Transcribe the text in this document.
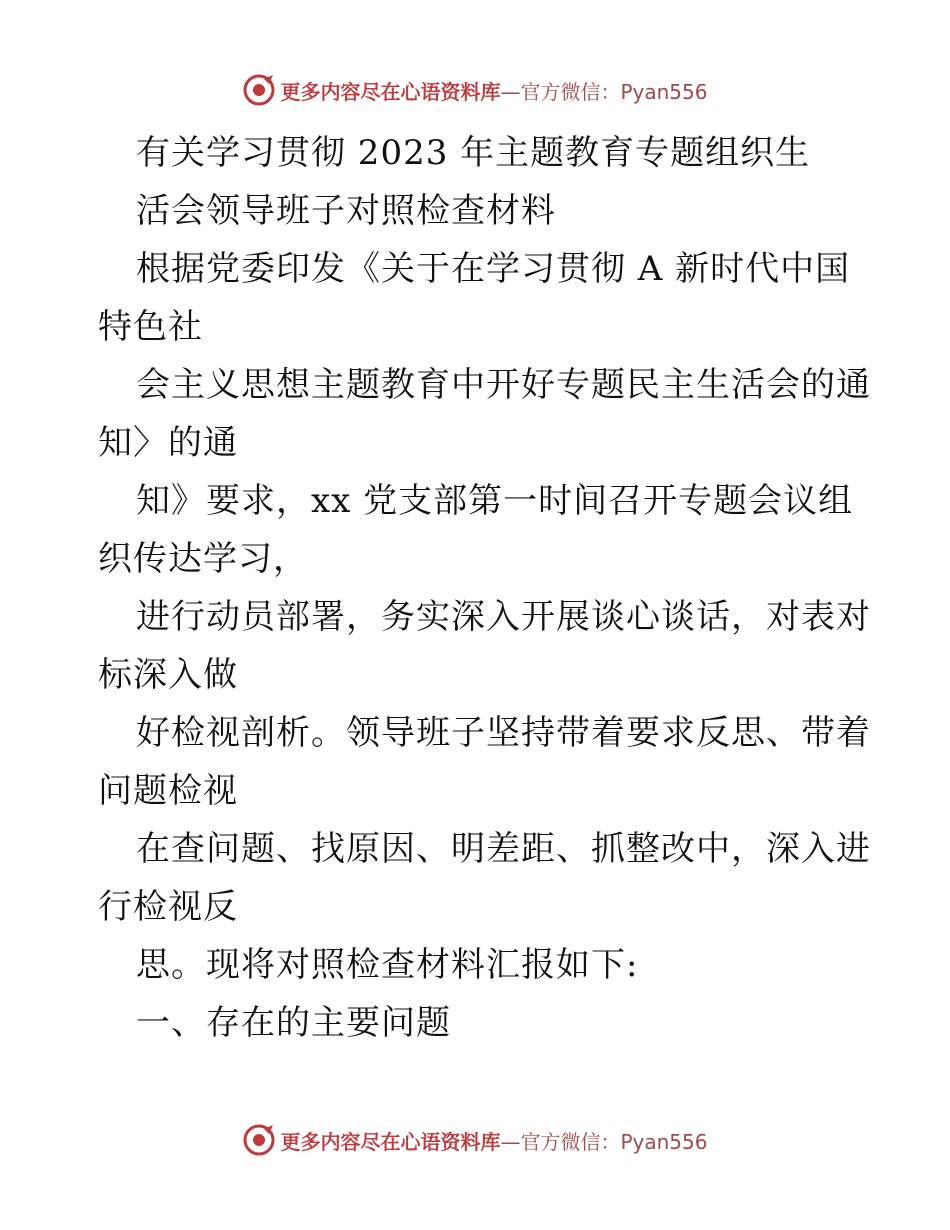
更多内容尽在心语资料库 —官方微信：Pyan556
有关学习贯彻 2023 年主题教育专题组织生
活会领导班子对照检查材料
根据党委印发《关于在学习贯彻 A 新时代中国
特色社
会主义思想主题教育中开好专题民主生活会的通
知〉的通
知》要求，xx 党支部第一时间召开专题会议组
织传达学习，
进行动员部署，务实深入开展谈心谈话，对表对
标深入做
好检视剖析。领导班子坚持带着要求反思、带着
问题检视
在查问题、找原因、明差距、抓整改中，深入进
行检视反
思。现将对照检查材料汇报如下:
一、存在的主要问题
更多内容尽在心语资料库 —官方微信：Pyan556
